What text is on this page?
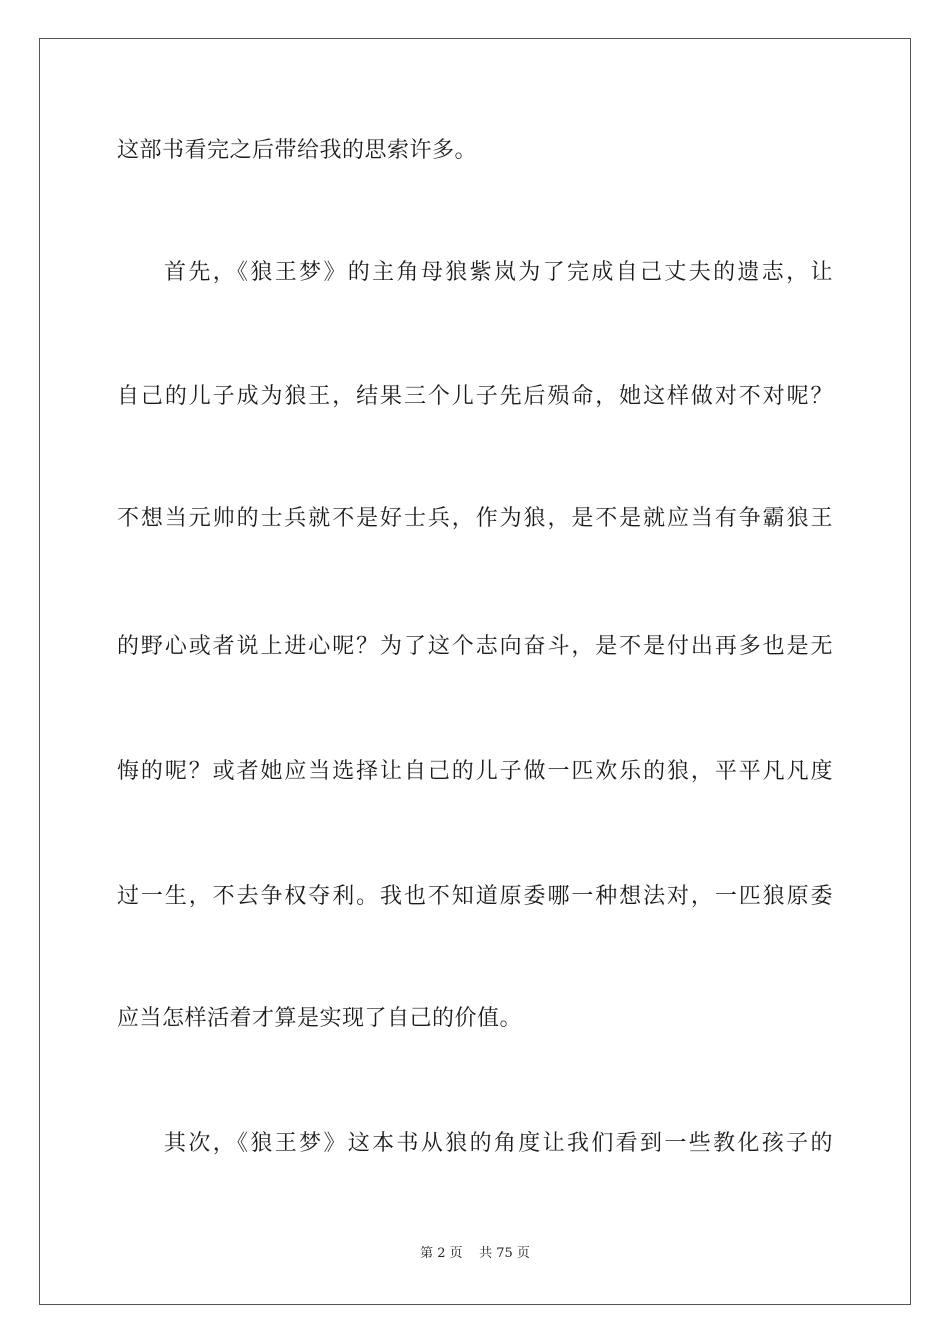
这部书看完之后带给我的思索许多。
首先，《狼王梦》的主角母狼紫岚为了完成自己丈夫的遗志，让
自己的儿子成为狼王，结果三个儿子先后殒命，她这样做对不对呢？
不想当元帅的士兵就不是好士兵，作为狼，是不是就应当有争霸狼王
的野心或者说上进心呢？为了这个志向奋斗，是不是付出再多也是无
悔的呢？或者她应当选择让自己的儿子做一匹欢乐的狼，平平凡凡度
过一生，不去争权夺利。我也不知道原委哪一种想法对，一匹狼原委
应当怎样活着才算是实现了自己的价值。
其次，《狼王梦》这本书从狼的角度让我们看到一些教化孩子的
第 2 页    共 75 页
